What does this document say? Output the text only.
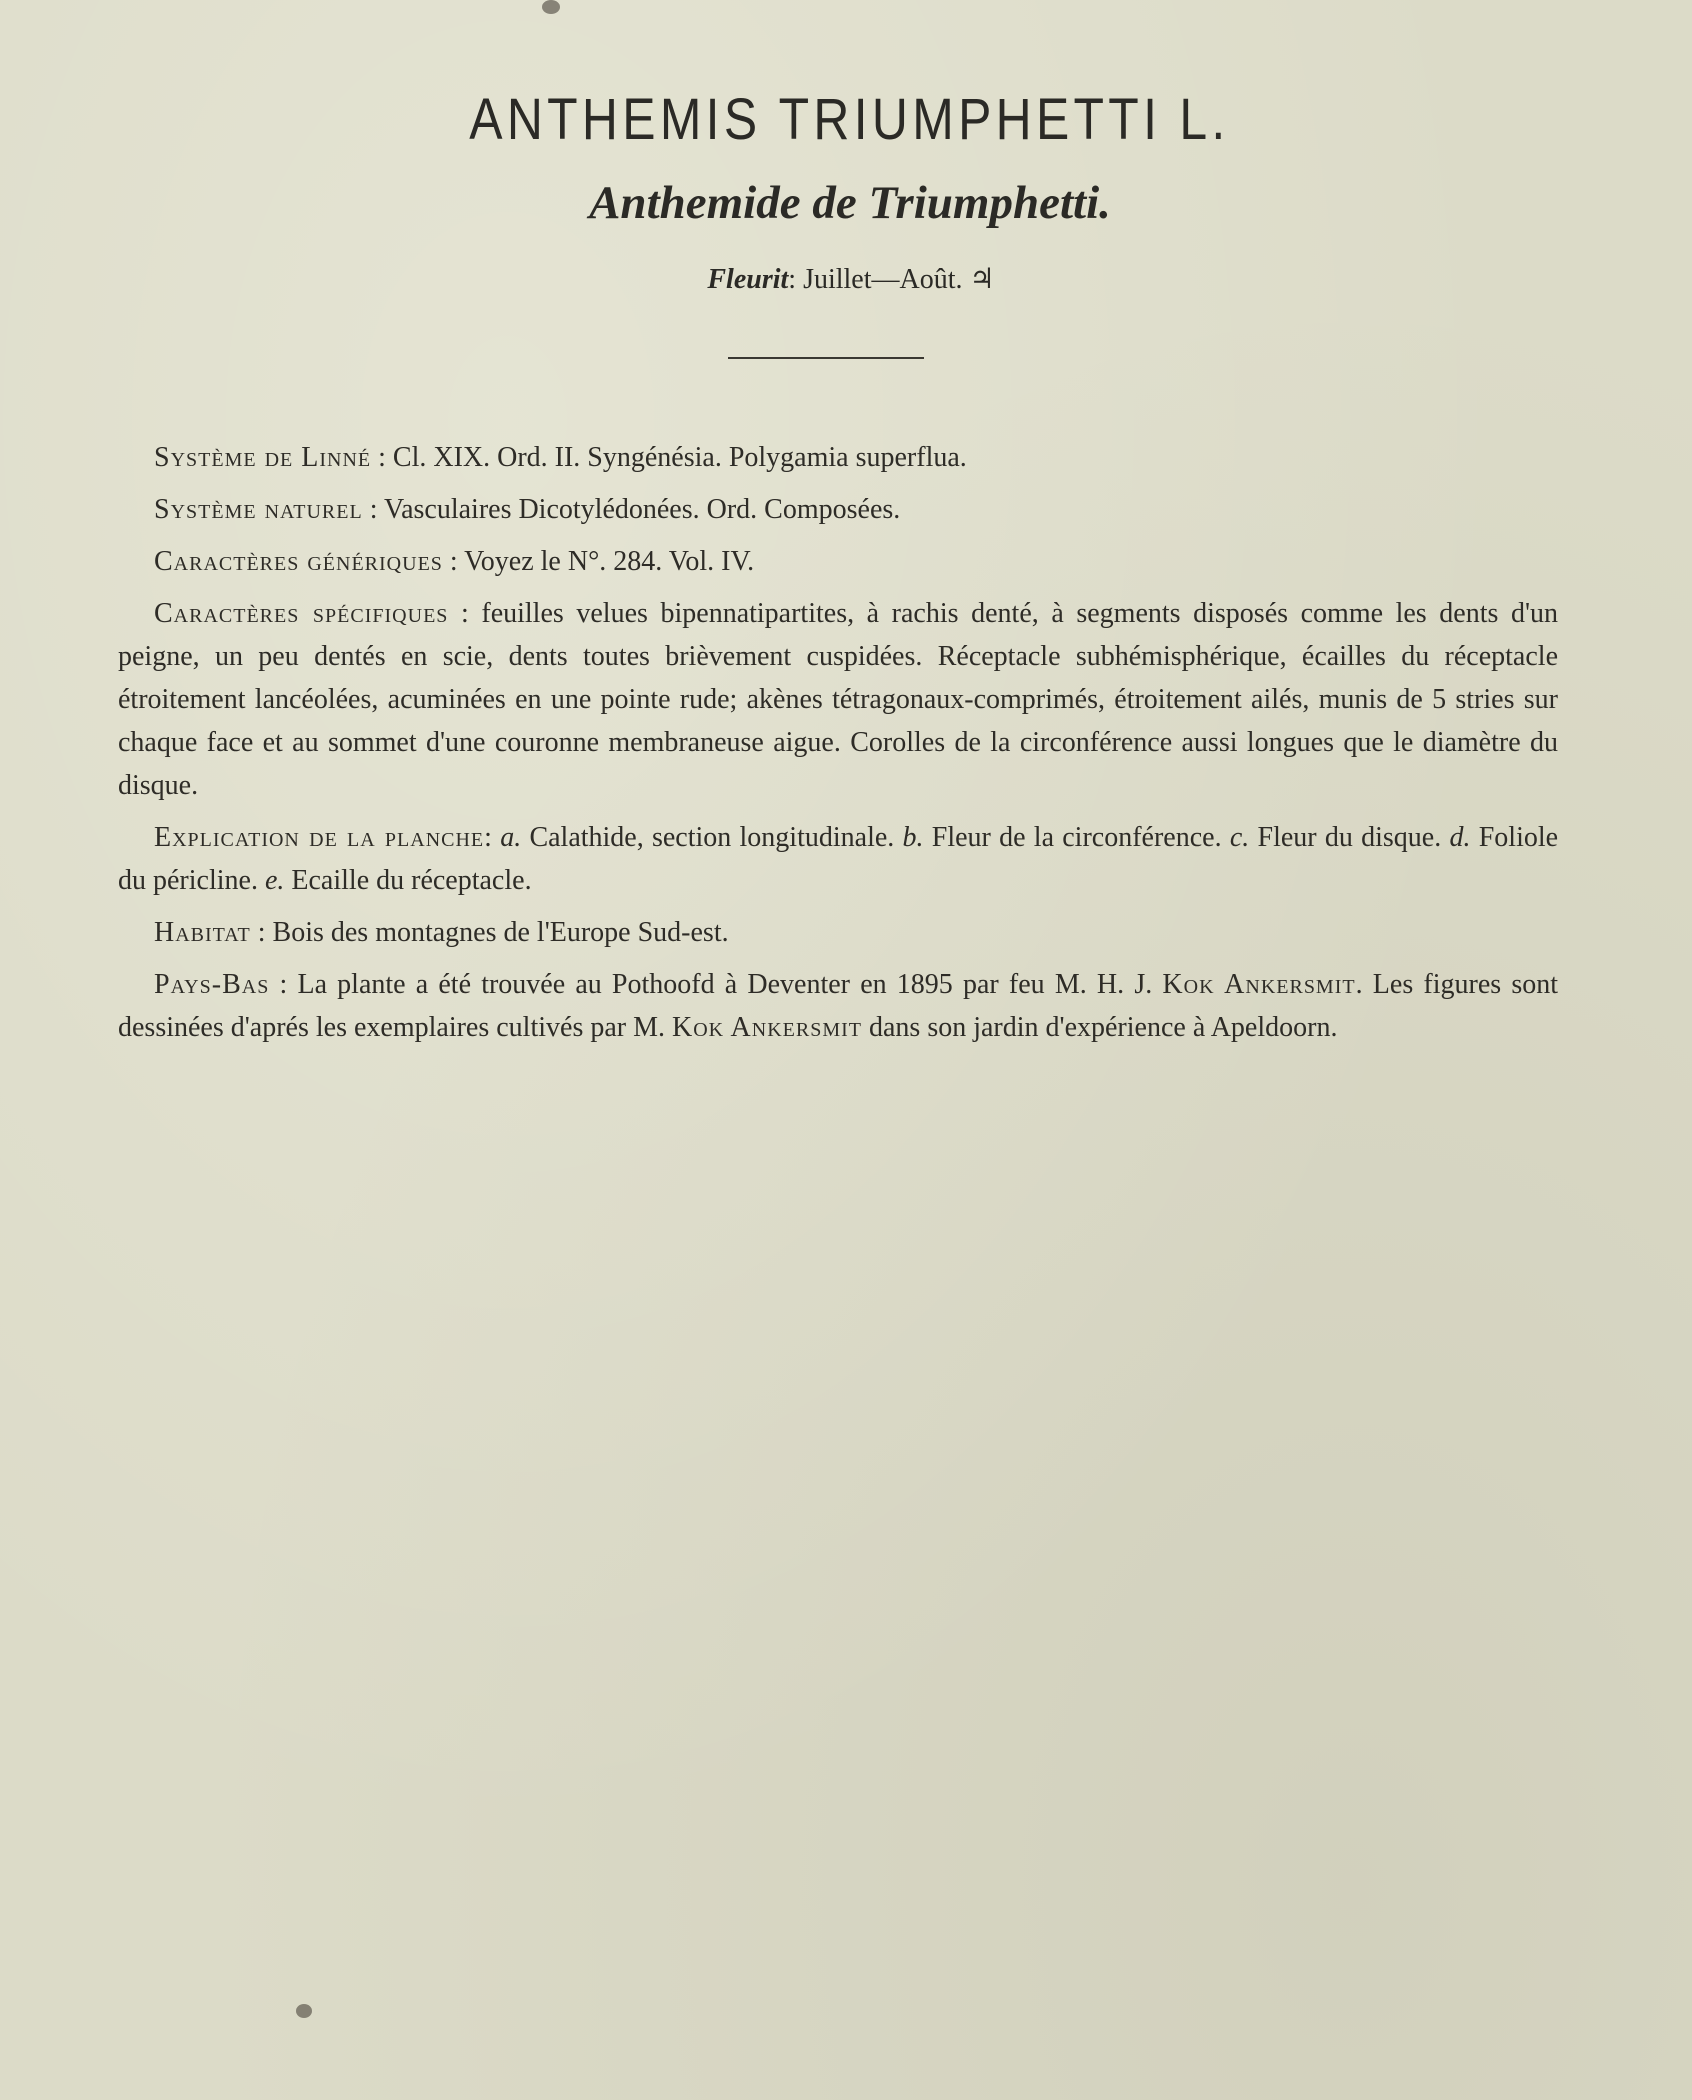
ANTHEMIS TRIUMPHETTI L.
Anthemide de Triumphetti.
Fleurit: Juillet—Août. ♃

Système de Linné : Cl. XIX. Ord. II. Syngénésia. Polygamia superflua.

Système naturel : Vasculaires Dicotylédonées. Ord. Composées.

Caractères génériques : Voyez le N°. 284. Vol. IV.

Caractères spécifiques : feuilles velues bipennatipartites, à rachis denté, à segments disposés comme les dents d'un peigne, un peu dentés en scie, dents toutes brièvement cuspidées. Réceptacle subhémisphérique, écailles du réceptacle étroitement lancéolées, acuminées en une pointe rude; akènes tétragonaux-comprimés, étroitement ailés, munis de 5 stries sur chaque face et au sommet d'une couronne membraneuse aigue. Corolles de la circonférence aussi longues que le diamètre du disque.

Explication de la planche: a. Calathide, section longitudinale. b. Fleur de la circonférence. c. Fleur du disque. d. Foliole du péricline. e. Ecaille du réceptacle.

Habitat : Bois des montagnes de l'Europe Sud-est.

Pays-Bas : La plante a été trouvée au Pothoofd à Deventer en 1895 par feu M. H. J. Kok Ankersmit. Les figures sont dessinées d'aprés les exemplaires cultivés par M. Kok Ankersmit dans son jardin d'expérience à Apeldoorn.
